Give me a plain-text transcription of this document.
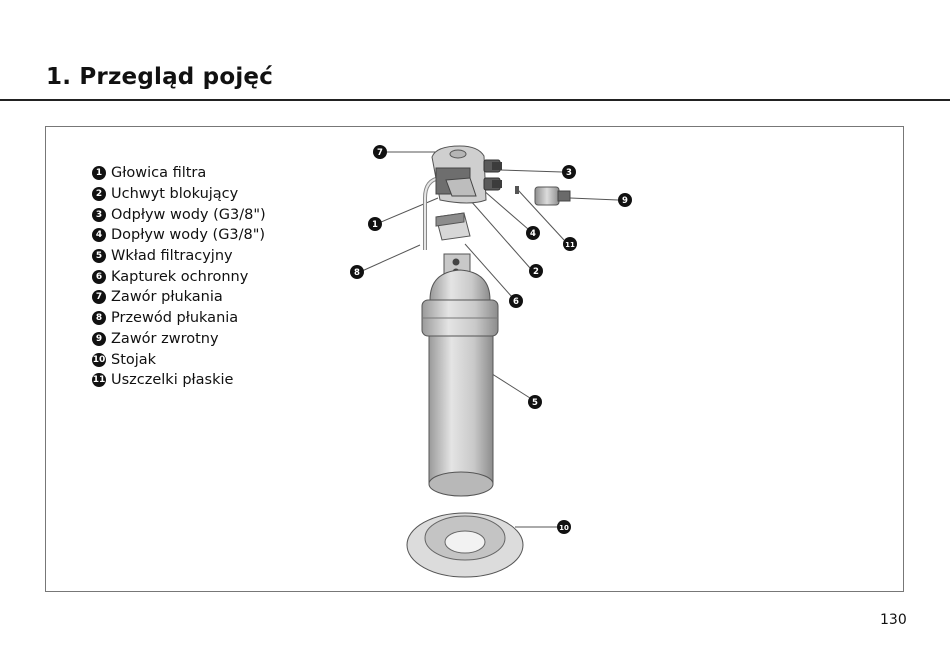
1. Przegląd pojęć
1 Głowica filtra
2 Uchwyt blokujący
3 Odpływ wody (G3/8")
4 Dopływ wody (G3/8")
5 Wkład filtracyjny
6 Kapturek ochronny
7 Zawór płukania
8 Przewód płukania
9 Zawór zwrotny
10 Stojak
11 Uszczelki płaskie
1
2
3
4
5
6
7
8
9
10
11
130
